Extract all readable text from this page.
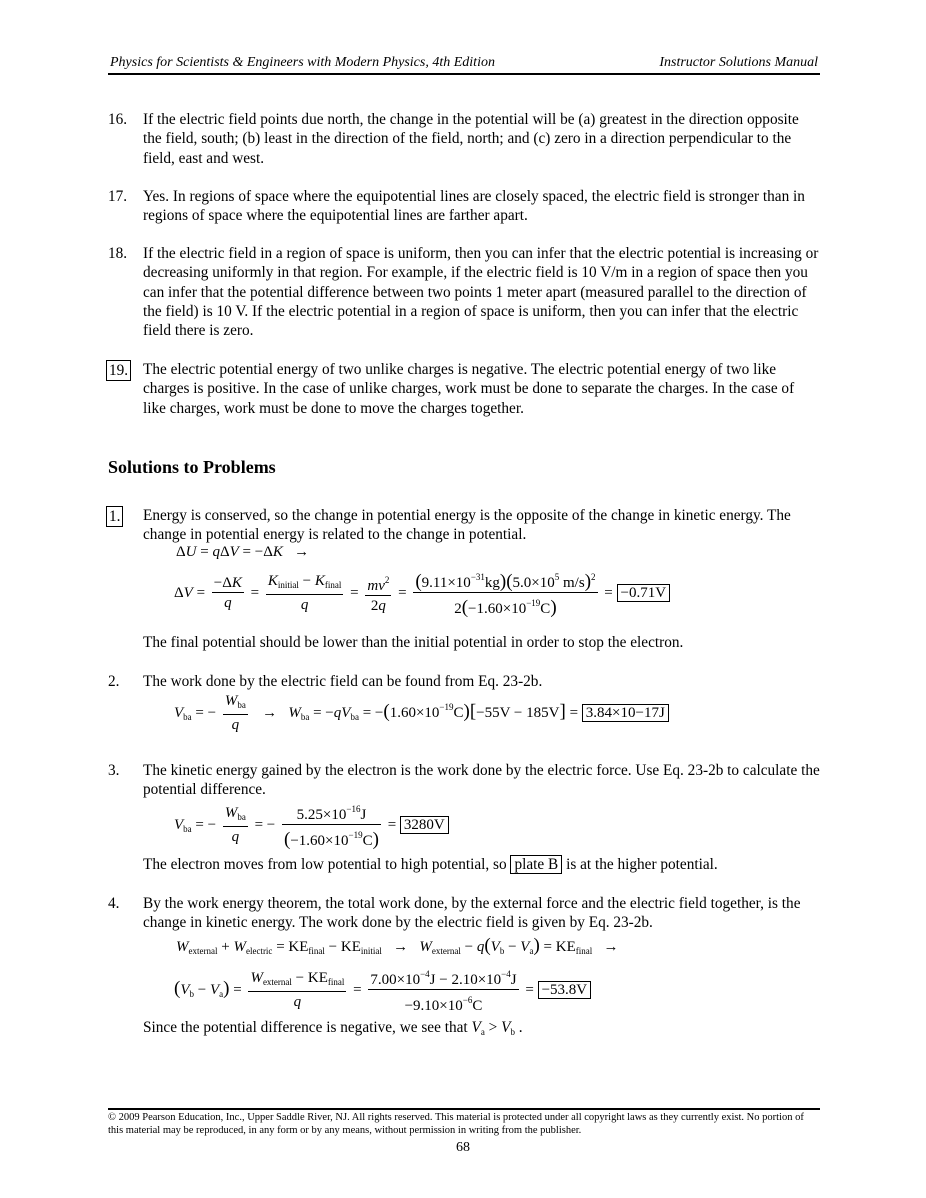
Physics for Scientists & Engineers with Modern Physics, 4th Edition	Instructor Solutions Manual
16. If the electric field points due north, the change in the potential will be (a) greatest in the direction opposite the field, south; (b) least in the direction of the field, north; and (c) zero in a direction perpendicular to the field, east and west.
17. Yes. In regions of space where the equipotential lines are closely spaced, the electric field is stronger than in regions of space where the equipotential lines are farther apart.
18. If the electric field in a region of space is uniform, then you can infer that the electric potential is increasing or decreasing uniformly in that region. For example, if the electric field is 10 V/m in a region of space then you can infer that the potential difference between two points 1 meter apart (measured parallel to the direction of the field) is 10 V. If the electric potential in a region of space is uniform, then you can infer that the electric field there is zero.
19. The electric potential energy of two unlike charges is negative. The electric potential energy of two like charges is positive. In the case of unlike charges, work must be done to separate the charges. In the case of like charges, work must be done to move the charges together.
Solutions to Problems
1. Energy is conserved, so the change in potential energy is the opposite of the change in kinetic energy. The change in potential energy is related to the change in potential.
ΔU = qΔV = −ΔK   →
$\Delta V = \frac{-\Delta K}{q} = \frac{K_{initial} - K_{final}}{q} = \frac{mv^2}{2q} = \frac{(9.11\times 10^{-31}kg)(5.0\times 10^5 m/s)^2}{2(-1.60\times 10^{-19}C)} = -0.71V$
The final potential should be lower than the initial potential in order to stop the electron.
2. The work done by the electric field can be found from Eq. 23-2b.
$V_{ba}$ = − $\frac{W_{ba}}{q} \to W_{ba} = -qV_{ba} = -(1.60\times 10^{-19}C)[-55V - 185V] = 3.84\times 10-17J$
3. The kinetic energy gained by the electron is the work done by the electric force. Use Eq. 23-2b to calculate the potential difference.
$V_{ba}$ = − $\frac{W_{ba}}{q}$ = − $\frac{5.25\times 10^{-16}J}{(-1.60\times 10^{-19}C)} = 3280V$
The electron moves from low potential to high potential, so plate B is at the higher potential.
4. By the work energy theorem, the total work done, by the external force and the electric field together, is the change in kinetic energy. The work done by the electric field is given by Eq. 23-2b.
$W_{external} + W_{electric} = KE_{final} - KE_{initial} \to W_{external} - q(V_b - V_a) = KE_{final}$   →
$(V_b - V_a) = \frac{W_{external} - KE_{final}}{q} = \frac{7.00\times 10^{-4}J - 2.10\times 10^{-4}J}{-9.10\times 10^{-6}C} = -53.8V$
Since the potential difference is negative, we see that $V_a > V_b$ .
© 2009 Pearson Education, Inc., Upper Saddle River, NJ. All rights reserved. This material is protected under all copyright laws as they currently exist. No portion of this material may be reproduced, in any form or by any means, without permission in writing from the publisher.
68
